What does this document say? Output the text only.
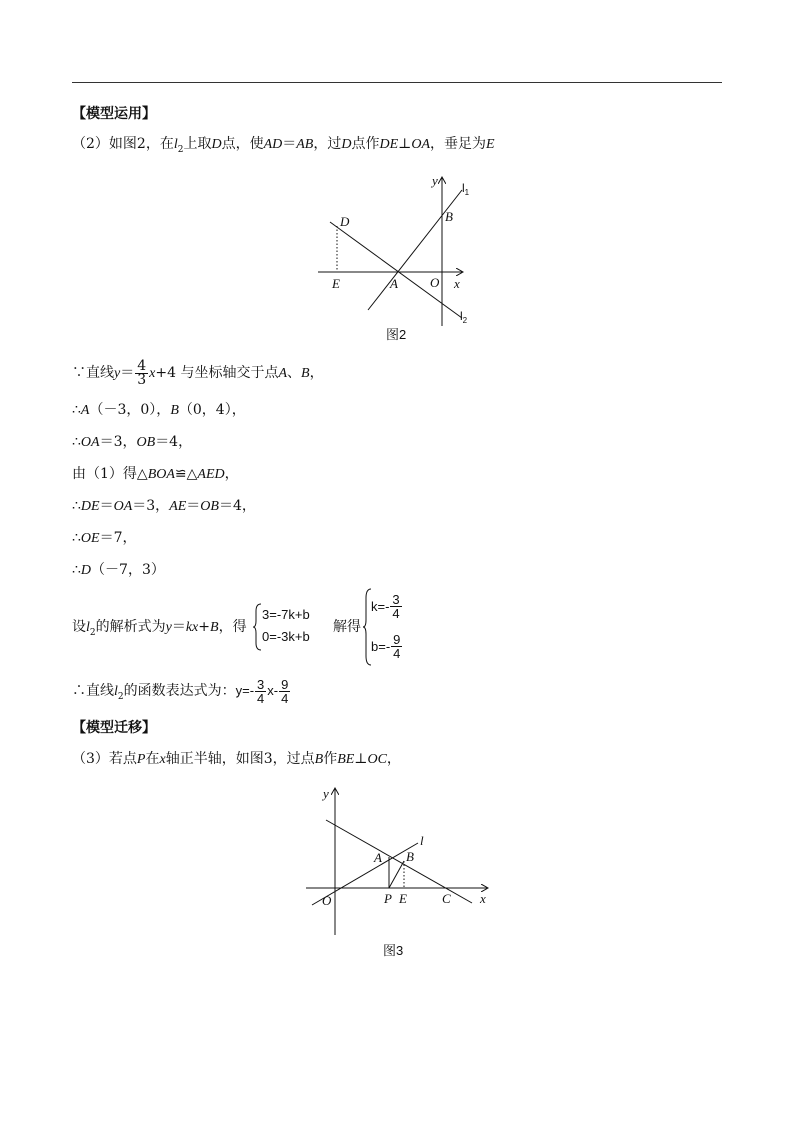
【模型运用】
（2）如图2，在$l_2$上取D点，使AD＝AB，过D点作DE⊥OA，垂足为E
y
x
O
A
B
D
E
$l_1$
$l_2$
图2
∵直线$y= \frac{4}{3} x+4$ 与坐标轴交于点A、B，
∴A（－3，0），B（0，4），
∴OA＝3，OB＝4，
由（1）得△BOA≌△AED，
∴DE＝OA＝3，AE＝OB＝4，
∴OE＝7，
∴D（－7，3）
设$l_2$的解析式为y＝kx+B，得
3=-7k+b
0=-3k+b
解得
$k=- \frac{3}{4}$
$b=- \frac{9}{4}$
∴直线$l_2$的函数表达式为：$y=- \frac{3}{4} x- \frac{9}{4}$
【模型迁移】
（3）若点P在x轴正半轴，如图3，过点B作BE⊥OC，
y
x
O
A B
P E	C
l
图3
